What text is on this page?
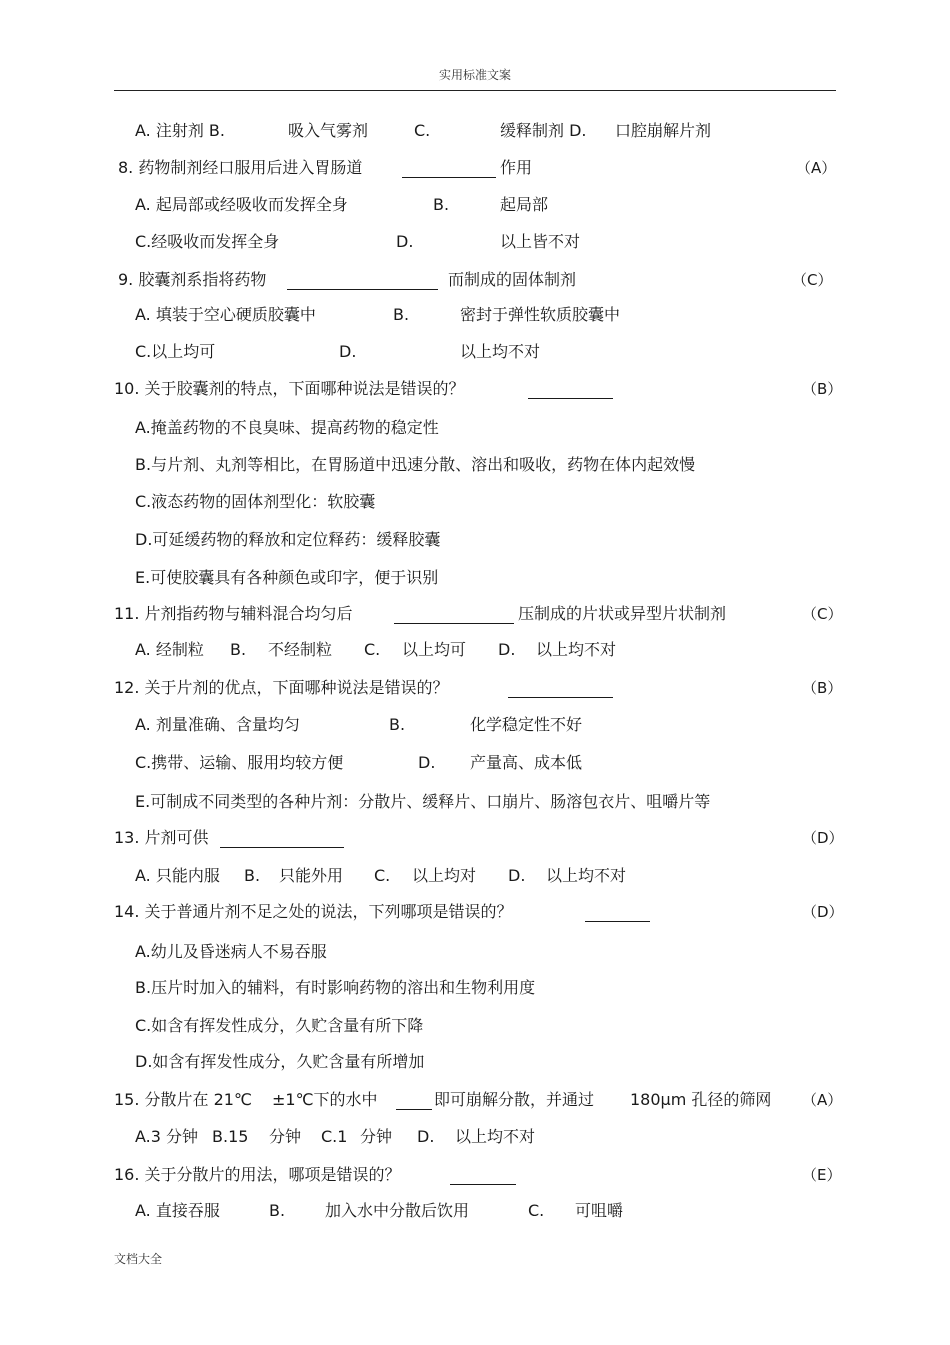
实用标准文案
A. 注射剂 B.	吸入气雾剂	C.	缓释制剂 D. 口腔崩解片剂
8. 药物制剂经口服用后进入胃肠道	作用	（A）
A. 起局部或经吸收而发挥全身	B.	起局部
C.经吸收而发挥全身	D.	以上皆不对
9. 胶囊剂系指将药物	而制成的固体制剂	（C）
A. 填装于空心硬质胶囊中	B.	密封于弹性软质胶囊中
C.以上均可	D.	以上均不对
10. 关于胶囊剂的特点，下面哪种说法是错误的？	（B）
A.掩盖药物的不良臭味、提高药物的稳定性
B.与片剂、丸剂等相比，在胃肠道中迅速分散、溶出和吸收，药物在体内起效慢
C.液态药物的固体剂型化：软胶囊
D.可延缓药物的释放和定位释药：缓释胶囊
E.可使胶囊具有各种颜色或印字，便于识别
11. 片剂指药物与辅料混合均匀后	压制成的片状或异型片状制剂	（C）
A. 经制粒 B. 不经制粒 C. 以上均可 D. 以上均不对
12. 关于片剂的优点，下面哪种说法是错误的？	（B）
A. 剂量准确、含量均匀	B.	化学稳定性不好
C.携带、运输、服用均较方便	D. 产量高、成本低
E.可制成不同类型的各种片剂：分散片、缓释片、口崩片、肠溶包衣片、咀嚼片等
13. 片剂可供	（D）
A. 只能内服 B. 只能外用 C. 以上均对 D. 以上均不对
14. 关于普通片剂不足之处的说法，下列哪项是错误的？	（D）
A.幼儿及昏迷病人不易吞服
B.压片时加入的辅料，有时影响药物的溶出和生物利用度
C.如含有挥发性成分，久贮含量有所下降
D.如含有挥发性成分，久贮含量有所增加
15. 分散片在 21℃ ±1℃下的水中	即可崩解分散，并通过 180μm 孔径的筛网 （A）
A.3 分钟 B.15 分钟 C.1 分钟 D. 以上均不对
16. 关于分散片的用法，哪项是错误的？	（E）
A. 直接吞服	B. 加入水中分散后饮用	C. 可咀嚼
文档大全
